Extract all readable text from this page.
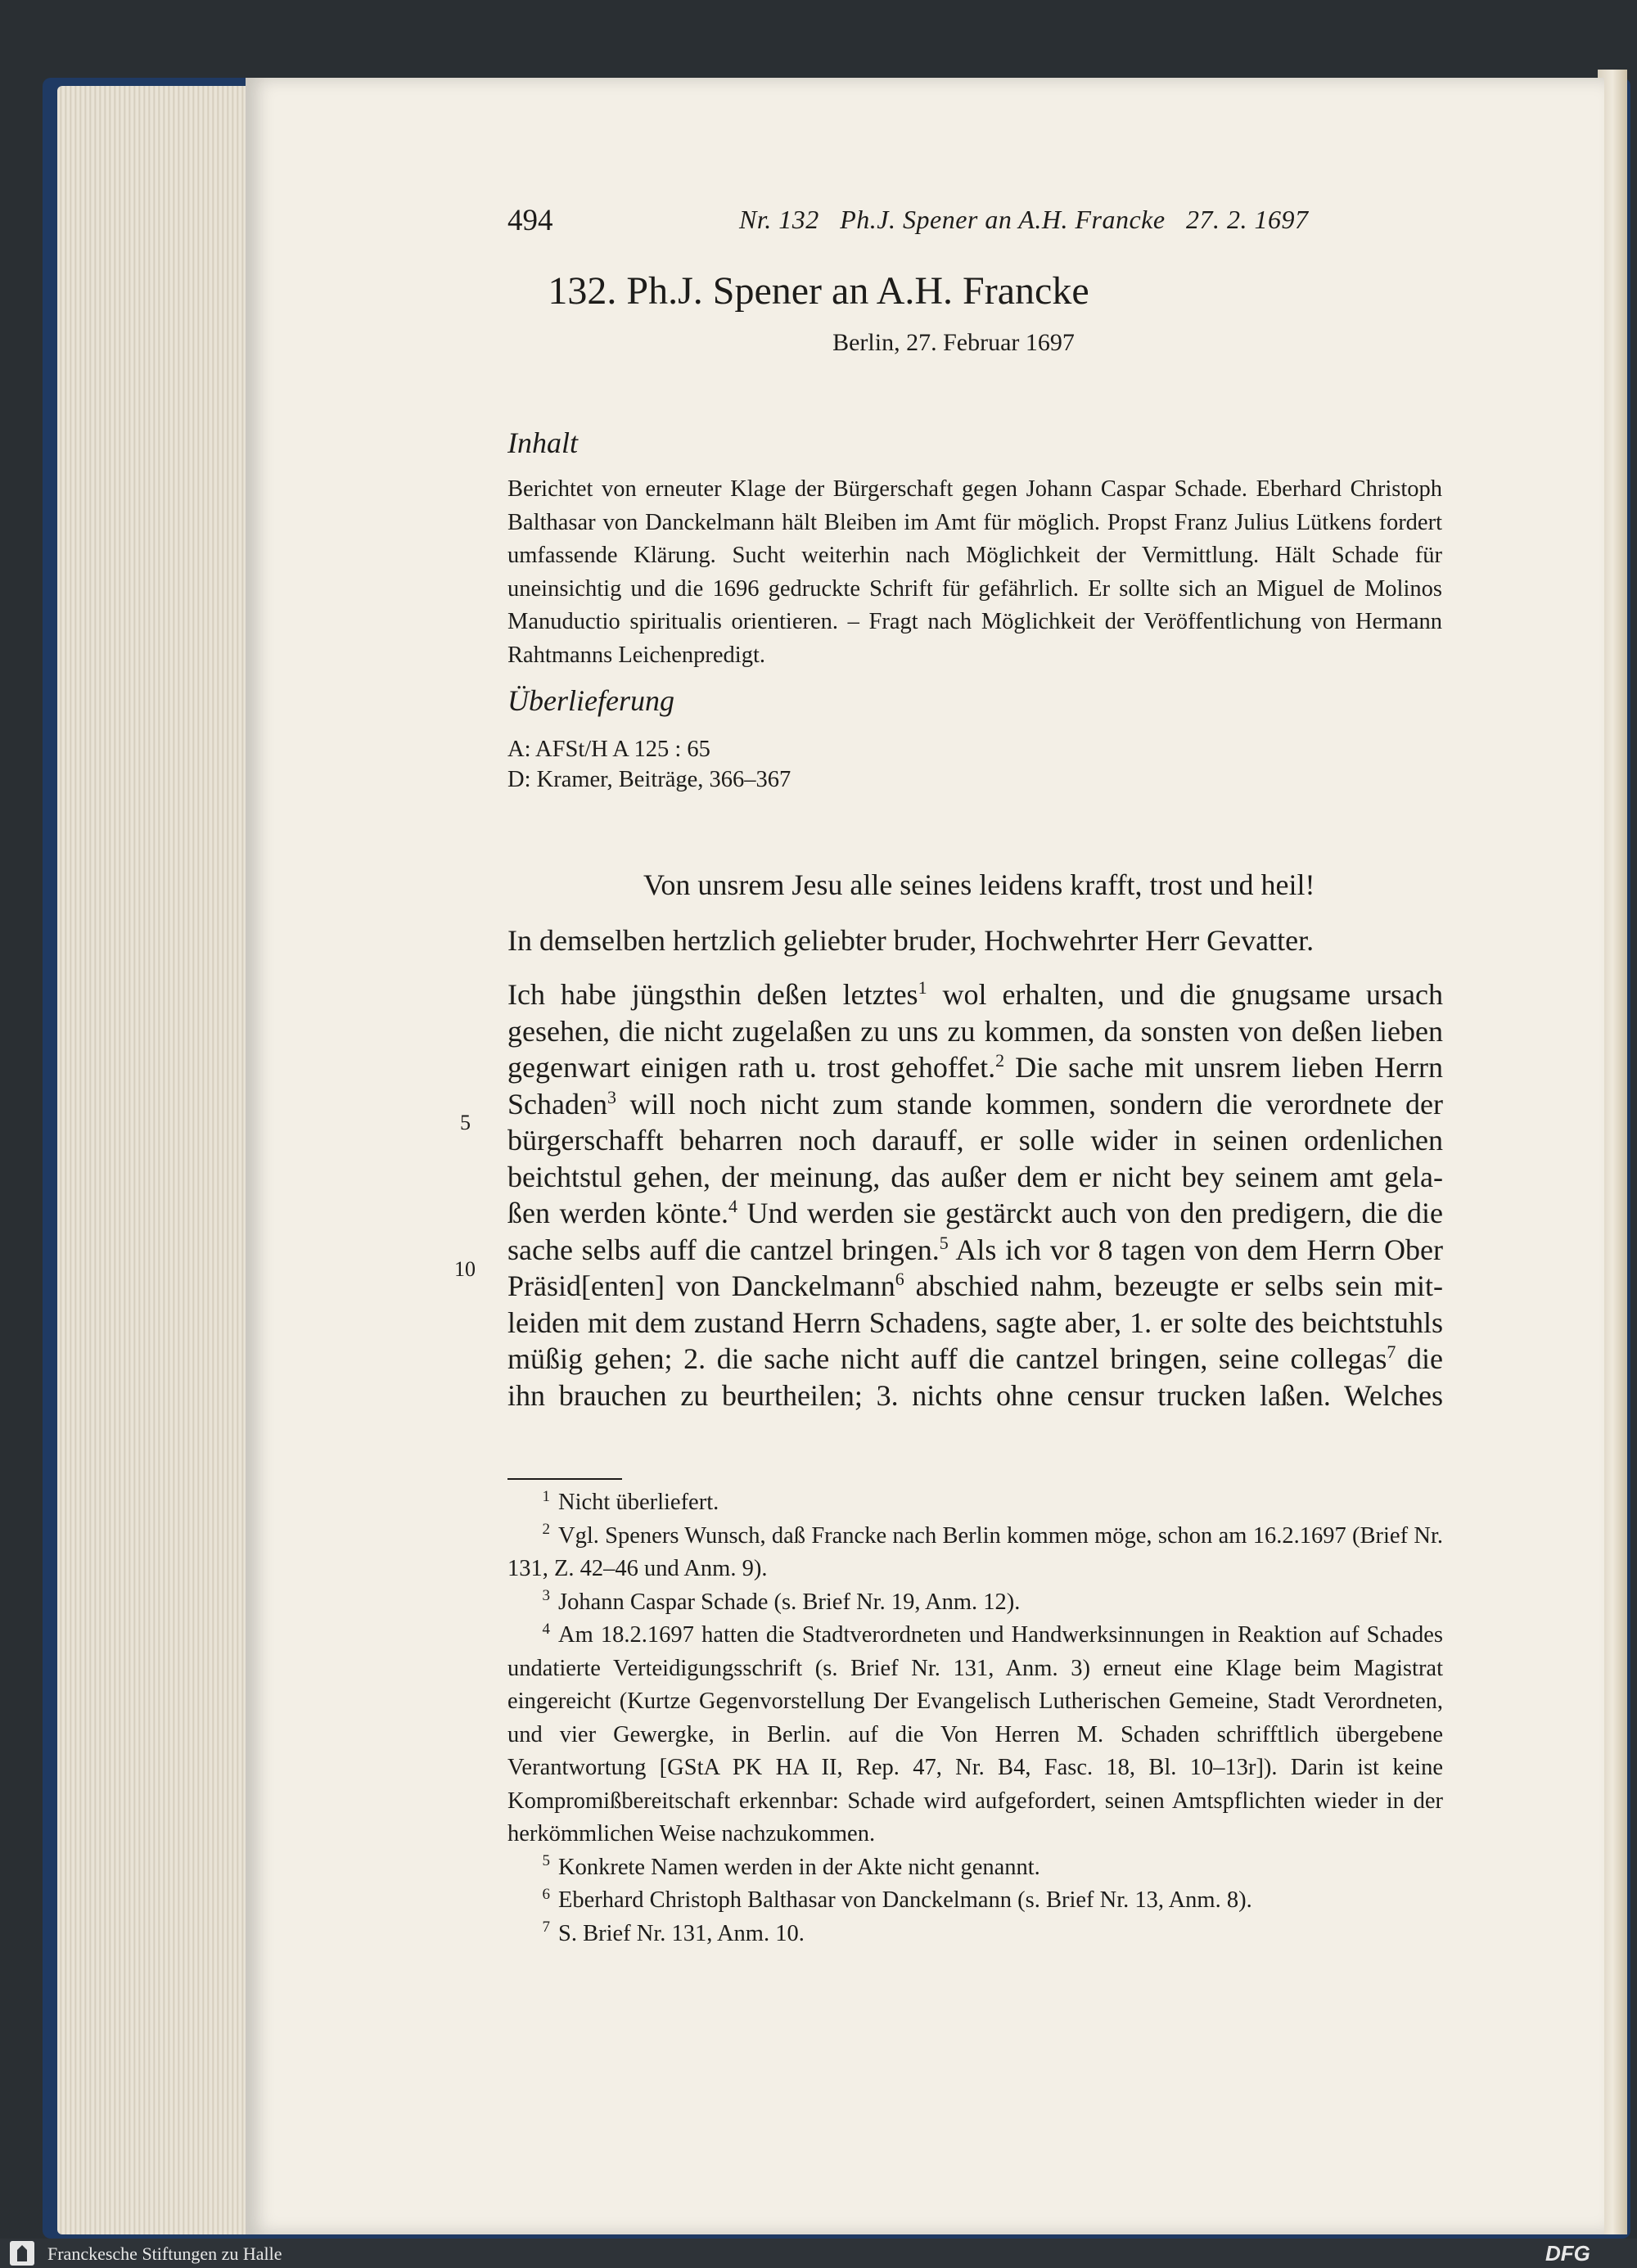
494	Nr. 132   Ph.J. Spener an A.H. Francke   27. 2. 1697
132. Ph.J. Spener an A.H. Francke
Berlin, 27. Februar 1697
Inhalt
Berichtet von erneuter Klage der Bürgerschaft gegen Johann Caspar Schade. Eberhard Christoph Balthasar von Danckelmann hält Bleiben im Amt für möglich. Propst Franz Julius Lütkens fordert umfassende Klärung. Sucht weiterhin nach Möglichkeit der Vermittlung. Hält Schade für uneinsichtig und die 1696 gedruckte Schrift für gefährlich. Er sollte sich an Miguel de Molinos Manuductio spiritualis orientieren. – Fragt nach Möglichkeit der Veröffentlichung von Hermann Rahtmanns Leichenpredigt.
Überlieferung
A: AFSt/H A 125 : 65
D: Kramer, Beiträge, 366–367
Von unsrem Jesu alle seines leidens krafft, trost und heil!
In demselben hertzlich geliebter bruder, Hochwehrter Herr Gevatter.
5
10
Ich habe jüngsthin deßen letztes$^1$ wol erhalten, und die gnugsame ursach
gesehen, die nicht zugelaßen zu uns zu kommen, da sonsten von deßen lieben
gegenwart einigen rath u. trost gehoffet.$^2$ Die sache mit unsrem lieben Herrn
Schaden$^3$ will noch nicht zum stande kommen, sondern die verordnete der
bürgerschafft beharren noch darauff, er solle wider in seinen ordenlichen
beichtstul gehen, der meinung, das außer dem er nicht bey seinem amt gela-
ßen werden könte.$^4$ Und werden sie gestärckt auch von den predigern, die die
sache selbs auff die cantzel bringen.$^5$ Als ich vor 8 tagen von dem Herrn Ober
Präsid[enten] von Danckelmann$^6$ abschied nahm, bezeugte er selbs sein mit-
leiden mit dem zustand Herrn Schadens, sagte aber, 1. er solte des beichtstuhls
müßig gehen; 2. die sache nicht auff die cantzel bringen, seine collegas$^7$ die
ihn brauchen zu beurtheilen; 3. nichts ohne censur trucken laßen. Welches
1 Nicht überliefert.
2 Vgl. Speners Wunsch, daß Francke nach Berlin kommen möge, schon am 16.2.1697 (Brief Nr. 131, Z. 42–46 und Anm. 9).
3 Johann Caspar Schade (s. Brief Nr. 19, Anm. 12).
4 Am 18.2.1697 hatten die Stadtverordneten und Handwerksinnungen in Reaktion auf Schades undatierte Verteidigungsschrift (s. Brief Nr. 131, Anm. 3) erneut eine Klage beim Magistrat eingereicht (Kurtze Gegenvorstellung Der Evangelisch Lutherischen Gemeine, Stadt Verordneten, und vier Gewergke, in Berlin. auf die Von Herren M. Schaden schrifftlich übergebene Verantwortung [GStA PK HA II, Rep. 47, Nr. B4, Fasc. 18, Bl. 10–13r]). Darin ist keine Kompromißbereitschaft erkennbar: Schade wird aufgefordert, seinen Amtspflichten wieder in der herkömmlichen Weise nachzukommen.
5 Konkrete Namen werden in der Akte nicht genannt.
6 Eberhard Christoph Balthasar von Danckelmann (s. Brief Nr. 13, Anm. 8).
7 S. Brief Nr. 131, Anm. 10.
Franckesche Stiftungen zu Halle	DFG
